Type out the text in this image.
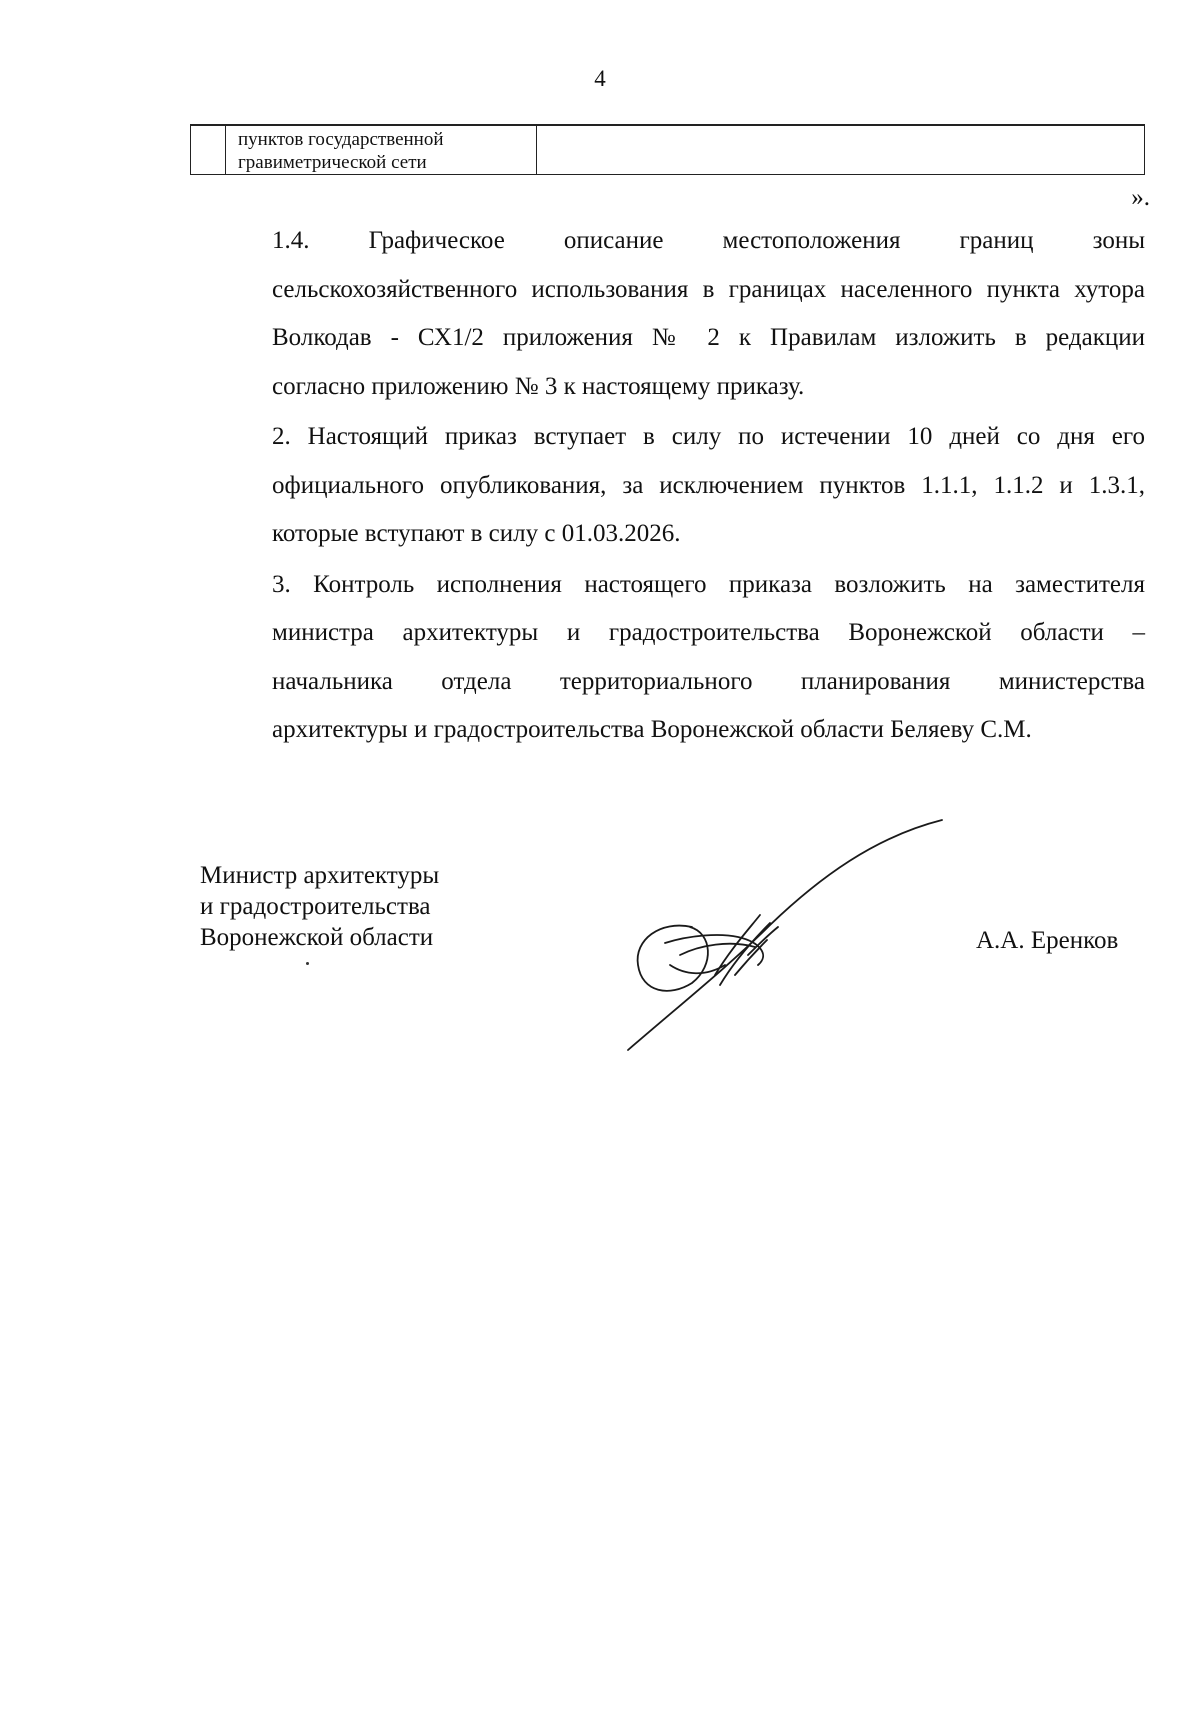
4

пунктов государственной
гравиметрической сети

».

1.4. Графическое описание местоположения границ зоны
сельскохозяйственного использования в границах населенного пункта хутора
Волкодав - СХ1/2 приложения № 2 к Правилам изложить в редакции
согласно приложению № 3 к настоящему приказу.

2. Настоящий приказ вступает в силу по истечении 10 дней со дня его
официального опубликования, за исключением пунктов 1.1.1, 1.1.2 и 1.3.1,
которые вступают в силу с 01.03.2026.

3. Контроль исполнения настоящего приказа возложить на заместителя
министра архитектуры и градостроительства Воронежской области –
начальника отдела территориального планирования министерства
архитектуры и градостроительства Воронежской области Беляеву С.М.

Министр архитектуры
и градостроительства
Воронежской области	А.А. Еренков
